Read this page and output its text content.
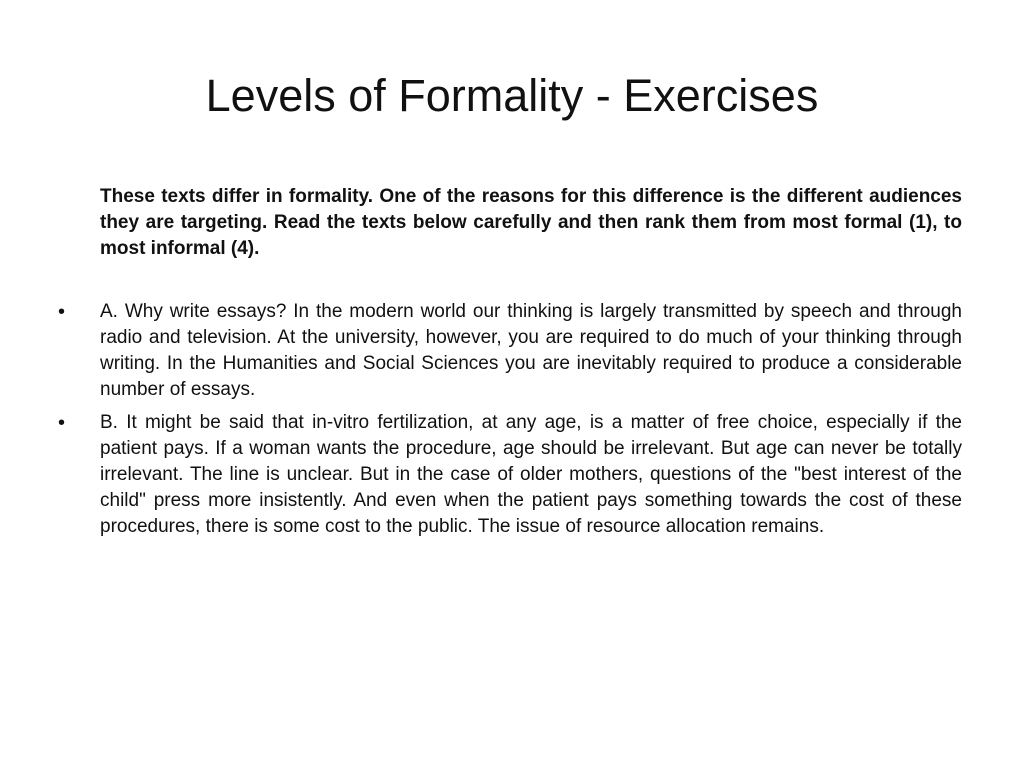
Levels of Formality - Exercises

These texts differ in formality. One of the reasons for this difference is the different audiences they are targeting. Read the texts below carefully and then rank them from most formal (1), to most informal (4).

• A. Why write essays? In the modern world our thinking is largely transmitted by speech and through radio and television. At the university, however, you are required to do much of your thinking through writing. In the Humanities and Social Sciences you are inevitably required to produce a considerable number of essays.
• B. It might be said that in-vitro fertilization, at any age, is a matter of free choice, especially if the patient pays. If a woman wants the procedure, age should be irrelevant. But age can never be totally irrelevant. The line is unclear. But in the case of older mothers, questions of the "best interest of the child" press more insistently. And even when the patient pays something towards the cost of these procedures, there is some cost to the public. The issue of resource allocation remains.
